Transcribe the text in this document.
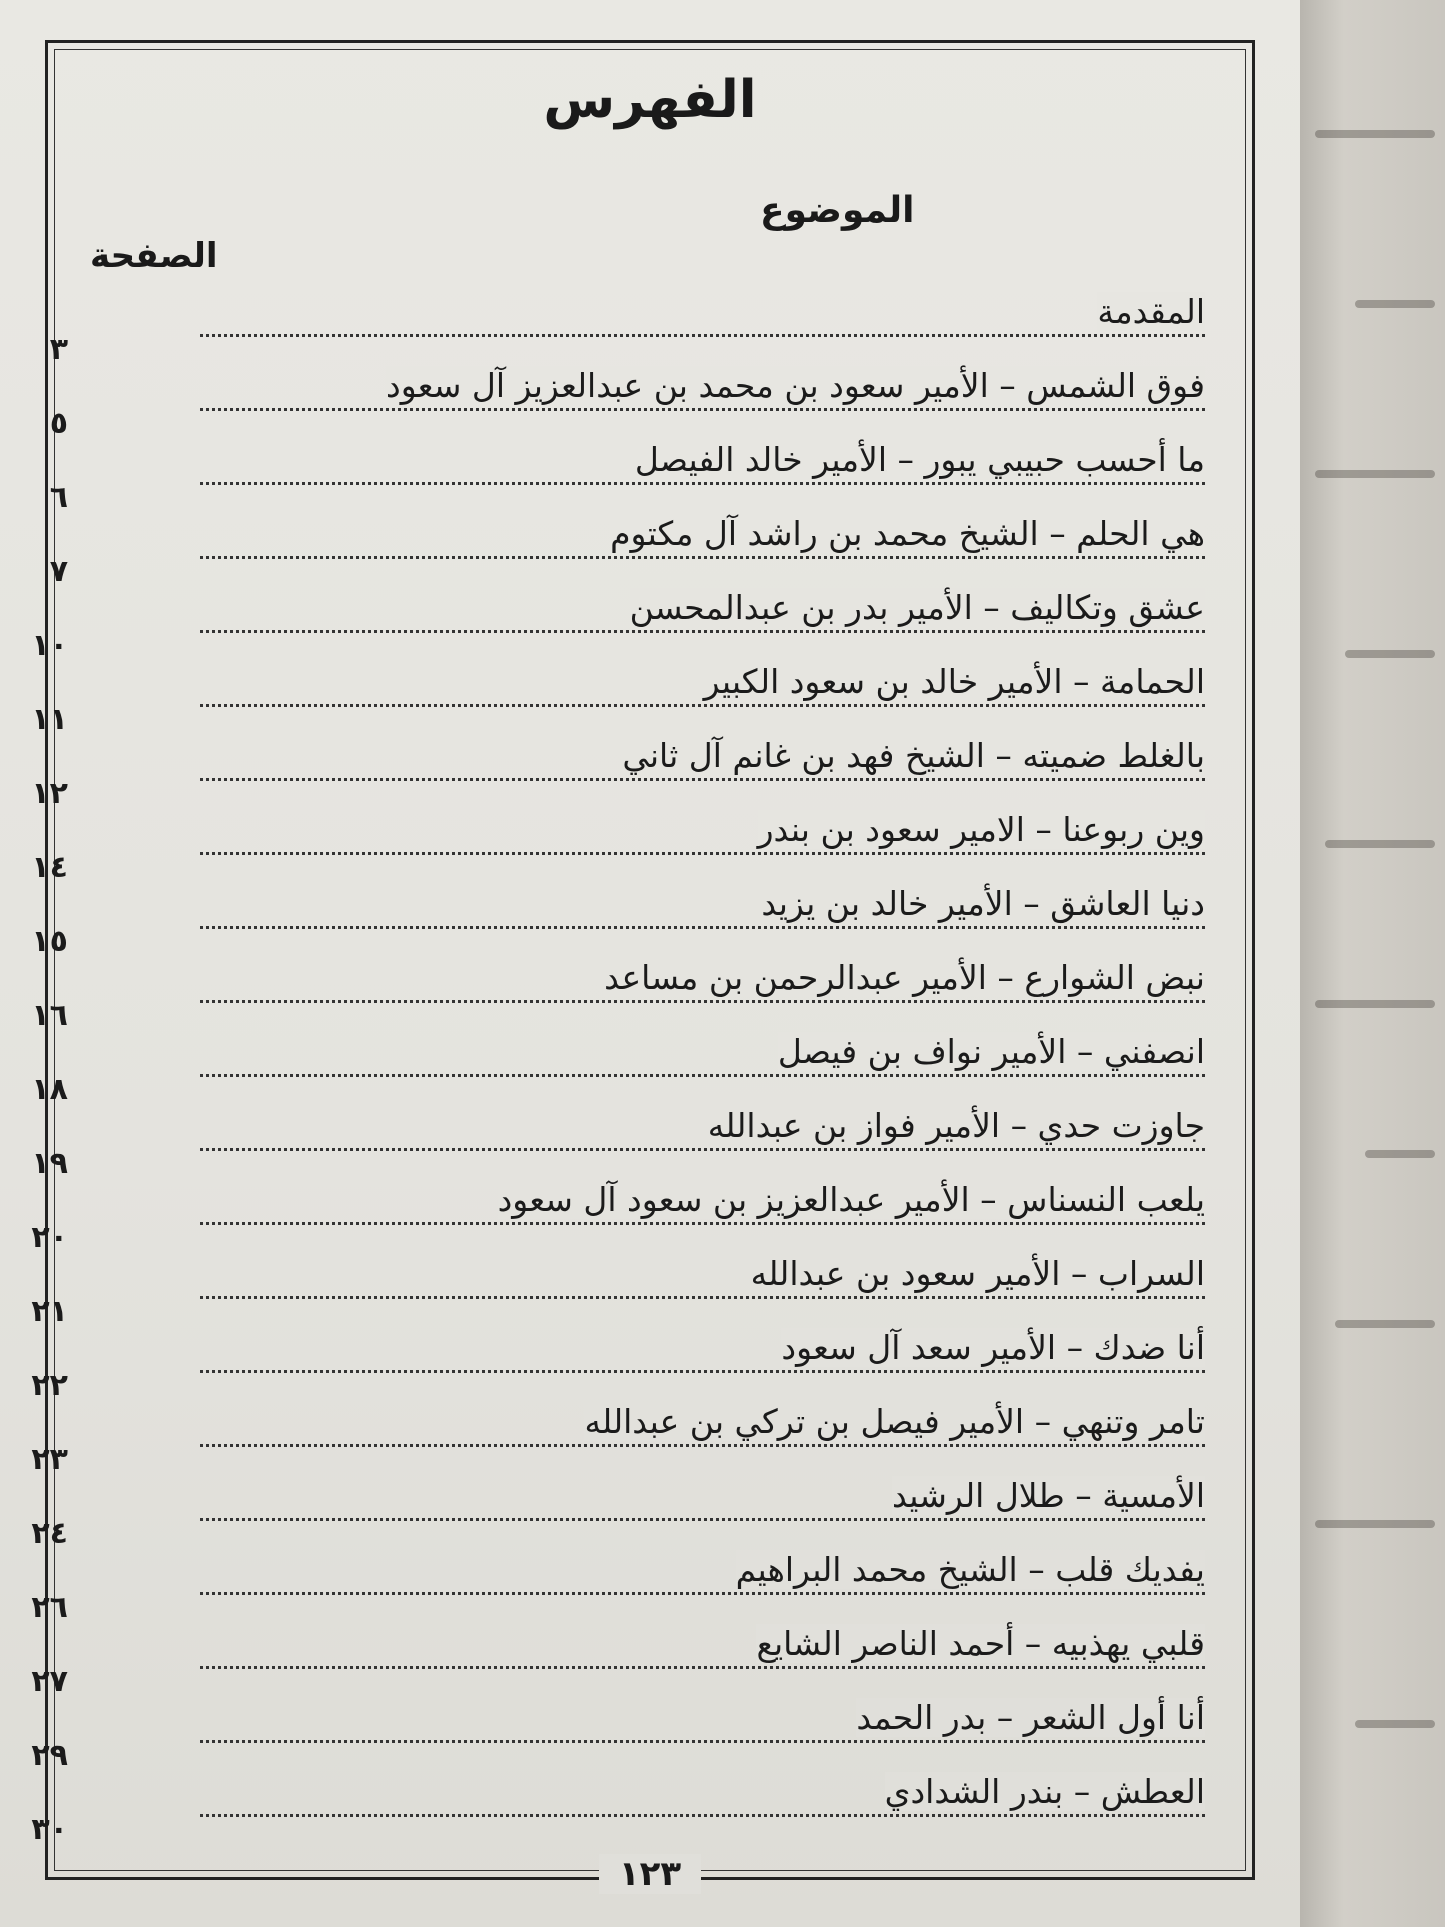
الفهرس
الموضوع
الصفحة
المقدمة
٣
فوق الشمس – الأمير سعود بن محمد بن عبدالعزيز آل سعود
٥
ما أحسب حبيبي يبور – الأمير خالد الفيصل
٦
هي الحلم – الشيخ محمد بن راشد آل مكتوم
٧
عشق وتكاليف – الأمير بدر بن عبدالمحسن
١٠
الحمامة – الأمير خالد بن سعود الكبير
١١
بالغلط ضميته – الشيخ فهد بن غانم آل ثاني
١٢
وين ربوعنا – الامير سعود بن بندر
١٤
دنيا العاشق – الأمير خالد بن يزيد
١٥
نبض الشوارع – الأمير عبدالرحمن بن مساعد
١٦
انصفني – الأمير نواف بن فيصل
١٨
جاوزت حدي – الأمير فواز بن عبدالله
١٩
يلعب النسناس – الأمير عبدالعزيز بن سعود آل سعود
٢٠
السراب – الأمير سعود بن عبدالله
٢١
أنا ضدك – الأمير سعد آل سعود
٢٢
تامر وتنهي – الأمير فيصل بن تركي بن عبدالله
٢٣
الأمسية – طلال الرشيد
٢٤
يفديك قلب – الشيخ محمد البراهيم
٢٦
قلبي يهذبيه – أحمد الناصر الشايع
٢٧
أنا أول الشعر – بدر الحمد
٢٩
العطش – بندر الشدادي
٣٠
١٢٣
